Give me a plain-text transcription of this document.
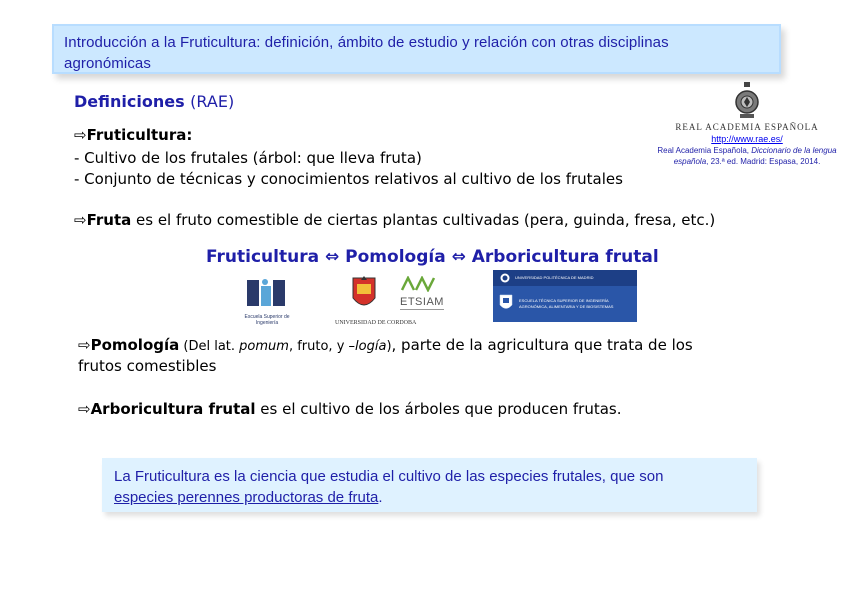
Introducción a la Fruticultura: definición, ámbito de estudio y relación con otras disciplinas
agronómicas
Definiciones (RAE)
⇨Fruticultura:
- Cultivo de los frutales (árbol: que lleva fruta)
- Conjunto de técnicas y conocimientos relativos al cultivo de los frutales
⇨Fruta es el fruto comestible de ciertas plantas cultivadas (pera, guinda, fresa, etc.)
Fruticultura ⇔ Pomología ⇔ Arboricultura frutal
REAL ACADEMIA ESPAÑOLA
http://www.rae.es/
Real Academia Española, Diccionario de la lengua española, 23.ª ed. Madrid: Espasa, 2014.
Escuela Superior de Ingeniería	UNIVERSIDAD DE CORDOBA
ETSIAM
UNIVERSIDAD POLITÉCNICA DE MADRID
ESCUELA TÉCNICA SUPERIOR DE INGENIERÍA
AGRONÓMICA, ALIMENTARIA Y DE BIOSISTEMAS
⇨Pomología (Del lat. pomum, fruto, y –logía), parte de la agricultura que trata de los
frutos comestibles
⇨Arboricultura frutal es el cultivo de los árboles que producen frutas.
La Fruticultura es la ciencia que estudia el cultivo de las especies frutales, que son
especies perennes productoras de fruta.
